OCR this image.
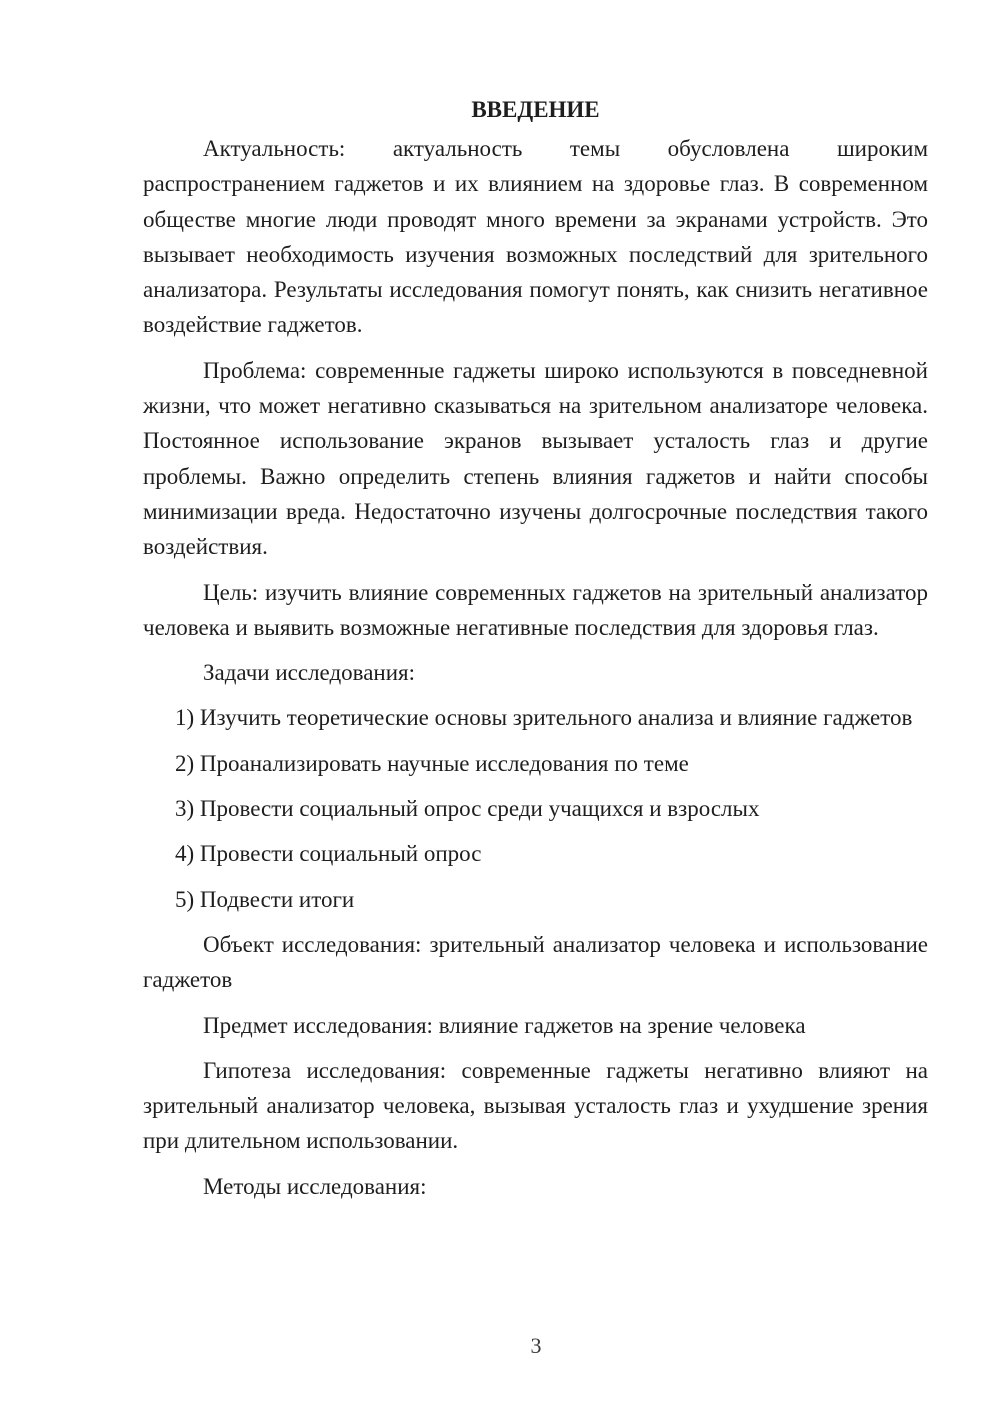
ВВЕДЕНИЕ

Актуальность: актуальность темы обусловлена широким распространением гаджетов и их влиянием на здоровье глаз. В современном обществе многие люди проводят много времени за экранами устройств. Это вызывает необходимость изучения возможных последствий для зрительного анализатора. Результаты исследования помогут понять, как снизить негативное воздействие гаджетов.

Проблема: современные гаджеты широко используются в повседневной жизни, что может негативно сказываться на зрительном анализаторе человека. Постоянное использование экранов вызывает усталость глаз и другие проблемы. Важно определить степень влияния гаджетов и найти способы минимизации вреда. Недостаточно изучены долгосрочные последствия такого воздействия.

Цель: изучить влияние современных гаджетов на зрительный анализатор человека и выявить возможные негативные последствия для здоровья глаз.

Задачи исследования:

1) Изучить теоретические основы зрительного анализа и влияние гаджетов

2) Проанализировать научные исследования по теме

3) Провести социальный опрос среди учащихся и взрослых

4) Провести социальный опрос

5) Подвести итоги

Объект исследования: зрительный анализатор человека и использование гаджетов

Предмет исследования: влияние гаджетов на зрение человека

Гипотеза исследования: современные гаджеты негативно влияют на зрительный анализатор человека, вызывая усталость глаз и ухудшение зрения при длительном использовании.

Методы исследования:

3
